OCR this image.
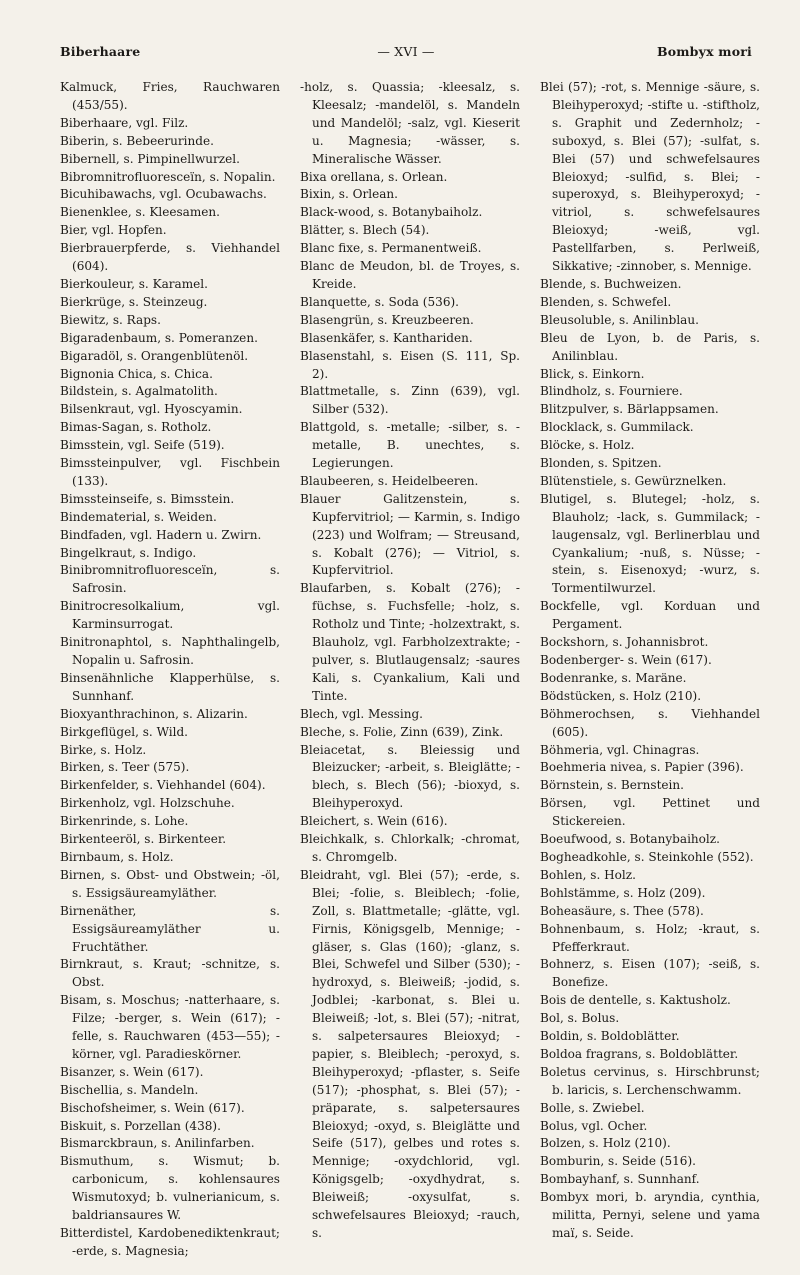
Biberhaare	— XVI —	Bombyx mori
Kalmuck, Fries, Rauchwaren (453/55).
Biberhaare, vgl. Filz.
Biberin, s. Bebeerurinde.
Bibernell, s. Pimpinellwurzel.
Bibromnitrofluoresceïn, s. Nopalin.
Bicuhibawachs, vgl. Ocubawachs.
Bienenklee, s. Kleesamen.
Bier, vgl. Hopfen.
Bierbrauerpferde, s. Viehhandel (604).
Bierkouleur, s. Karamel.
Bierkrüge, s. Steinzeug.
Biewitz, s. Raps.
Bigaradenbaum, s. Pomeranzen.
Bigaradöl, s. Orangenblütenöl.
Bignonia Chica, s. Chica.
Bildstein, s. Agalmatolith.
Bilsenkraut, vgl. Hyoscyamin.
Bimas-Sagan, s. Rotholz.
Bimsstein, vgl. Seife (519).
Bimssteinpulver, vgl. Fischbein (133).
Bimssteinseife, s. Bimsstein.
Bindematerial, s. Weiden.
Bindfaden, vgl. Hadern u. Zwirn.
Bingelkraut, s. Indigo.
Binibromnitrofluoresceïn, s. Safrosin.
Binitrocresolkalium, vgl. Karminsurrogat.
Binitronaphtol, s. Naphthalingelb, Nopalin u. Safrosin.
Binsenähnliche Klapperhülse, s. Sunnhanf.
Bioxyanthrachinon, s. Alizarin.
Birkgeflügel, s. Wild.
Birke, s. Holz.
Birken, s. Teer (575).
Birkenfelder, s. Viehhandel (604).
Birkenholz, vgl. Holzschuhe.
Birkenrinde, s. Lohe.
Birkenteeröl, s. Birkenteer.
Birnbaum, s. Holz.
Birnen, s. Obst- und Obstwein; -öl, s. Essigsäureamyläther.
Birnenäther, s. Essigsäureamyläther u. Fruchtäther.
Birnkraut, s. Kraut; -schnitze, s. Obst.
Bisam, s. Moschus; -natterhaare, s. Filze; -berger, s. Wein (617); -felle, s. Rauchwaren (453—55); -körner, vgl. Paradieskörner.
Bisanzer, s. Wein (617).
Bischellia, s. Mandeln.
Bischofsheimer, s. Wein (617).
Biskuit, s. Porzellan (438).
Bismarckbraun, s. Anilinfarben.
Bismuthum, s. Wismut; b. carbonicum, s. kohlensaures Wismutoxyd; b. vulnerianicum, s. baldriansaures W.
Bitterdistel, Kardobenediktenkraut; -erde, s. Magnesia;
-holz, s. Quassia; -kleesalz, s. Kleesalz; -mandelöl, s. Mandeln und Mandelöl; -salz, vgl. Kieserit u. Magnesia; -wässer, s. Mineralische Wässer.
Bixa orellana, s. Orlean.
Bixin, s. Orlean.
Black-wood, s. Botanybaiholz.
Blätter, s. Blech (54).
Blanc fixe, s. Permanentweiß.
Blanc de Meudon, bl. de Troyes, s. Kreide.
Blanquette, s. Soda (536).
Blasengrün, s. Kreuzbeeren.
Blasenkäfer, s. Kanthariden.
Blasenstahl, s. Eisen (S. 111, Sp. 2).
Blattmetalle, s. Zinn (639), vgl. Silber (532).
Blattgold, s. -metalle; -silber, s. -metalle, B. unechtes, s. Legierungen.
Blaubeeren, s. Heidelbeeren.
Blauer Galitzenstein, s. Kupfervitriol; — Karmin, s. Indigo (223) und Wolfram; — Streusand, s. Kobalt (276); — Vitriol, s. Kupfervitriol.
Blaufarben, s. Kobalt (276); -füchse, s. Fuchsfelle; -holz, s. Rotholz und Tinte; -holzextrakt, s. Blauholz, vgl. Farbholzextrakte; -pulver, s. Blutlaugensalz; -saures Kali, s. Cyankalium, Kali und Tinte.
Blech, vgl. Messing.
Bleche, s. Folie, Zinn (639), Zink.
Bleiacetat, s. Bleiessig und Bleizucker; -arbeit, s. Bleiglätte; -blech, s. Blech (56); -bioxyd, s. Bleihyperoxyd.
Bleichert, s. Wein (616).
Bleichkalk, s. Chlorkalk; -chromat, s. Chromgelb.
Bleidraht, vgl. Blei (57); -erde, s. Blei; -folie, s. Bleiblech; -folie, Zoll, s. Blattmetalle; -glätte, vgl. Firnis, Königsgelb, Mennige; -gläser, s. Glas (160); -glanz, s. Blei, Schwefel und Silber (530); -hydroxyd, s. Bleiweiß; -jodid, s. Jodblei; -karbonat, s. Blei u. Bleiweiß; -lot, s. Blei (57); -nitrat, s. salpetersaures Bleioxyd; -papier, s. Bleiblech; -peroxyd, s. Bleihyperoxyd; -pflaster, s. Seife (517); -phosphat, s. Blei (57); -präparate, s. salpetersaures Bleioxyd; -oxyd, s. Bleiglätte und Seife (517), gelbes und rotes s. Mennige; -oxydchlorid, vgl. Königsgelb; -oxydhydrat, s. Bleiweiß; -oxysulfat, s. schwefelsaures Bleioxyd; -rauch, s.
Blei (57); -rot, s. Mennige -säure, s. Bleihyperoxyd; -stifte u. -stiftholz, s. Graphit und Zedernholz; -suboxyd, s. Blei (57); -sulfat, s. Blei (57) und schwefelsaures Bleioxyd; -sulfid, s. Blei; -superoxyd, s. Bleihyperoxyd; -vitriol, s. schwefelsaures Bleioxyd; -weiß, vgl. Pastellfarben, s. Perlweiß, Sikkative; -zinnober, s. Mennige.
Blende, s. Buchweizen.
Blenden, s. Schwefel.
Bleusoluble, s. Anilinblau.
Bleu de Lyon, b. de Paris, s. Anilinblau.
Blick, s. Einkorn.
Blindholz, s. Fourniere.
Blitzpulver, s. Bärlappsamen.
Blocklack, s. Gummilack.
Blöcke, s. Holz.
Blonden, s. Spitzen.
Blütenstiele, s. Gewürznelken.
Blutigel, s. Blutegel; -holz, s. Blauholz; -lack, s. Gummilack; -laugensalz, vgl. Berlinerblau und Cyankalium; -nuß, s. Nüsse; -stein, s. Eisenoxyd; -wurz, s. Tormentilwurzel.
Bockfelle, vgl. Korduan und Pergament.
Bockshorn, s. Johannisbrot.
Bodenberger- s. Wein (617).
Bodenranke, s. Maräne.
Bödstücken, s. Holz (210).
Böhmerochsen, s. Viehhandel (605).
Böhmeria, vgl. Chinagras.
Boehmeria nivea, s. Papier (396).
Börnstein, s. Bernstein.
Börsen, vgl. Pettinet und Stickereien.
Boeufwood, s. Botanybaiholz.
Bogheadkohle, s. Steinkohle (552).
Bohlen, s. Holz.
Bohlstämme, s. Holz (209).
Boheasäure, s. Thee (578).
Bohnenbaum, s. Holz; -kraut, s. Pfefferkraut.
Bohnerz, s. Eisen (107); -seiß, s. Bonefize.
Bois de dentelle, s. Kaktusholz.
Bol, s. Bolus.
Boldin, s. Boldoblätter.
Boldoa fragrans, s. Boldoblätter.
Boletus cervinus, s. Hirschbrunst; b. laricis, s. Lerchenschwamm.
Bolle, s. Zwiebel.
Bolus, vgl. Ocher.
Bolzen, s. Holz (210).
Bomburin, s. Seide (516).
Bombayhanf, s. Sunnhanf.
Bombyx mori, b. aryndia, cynthia, militta, Pernyi, selene und yama maï, s. Seide.
